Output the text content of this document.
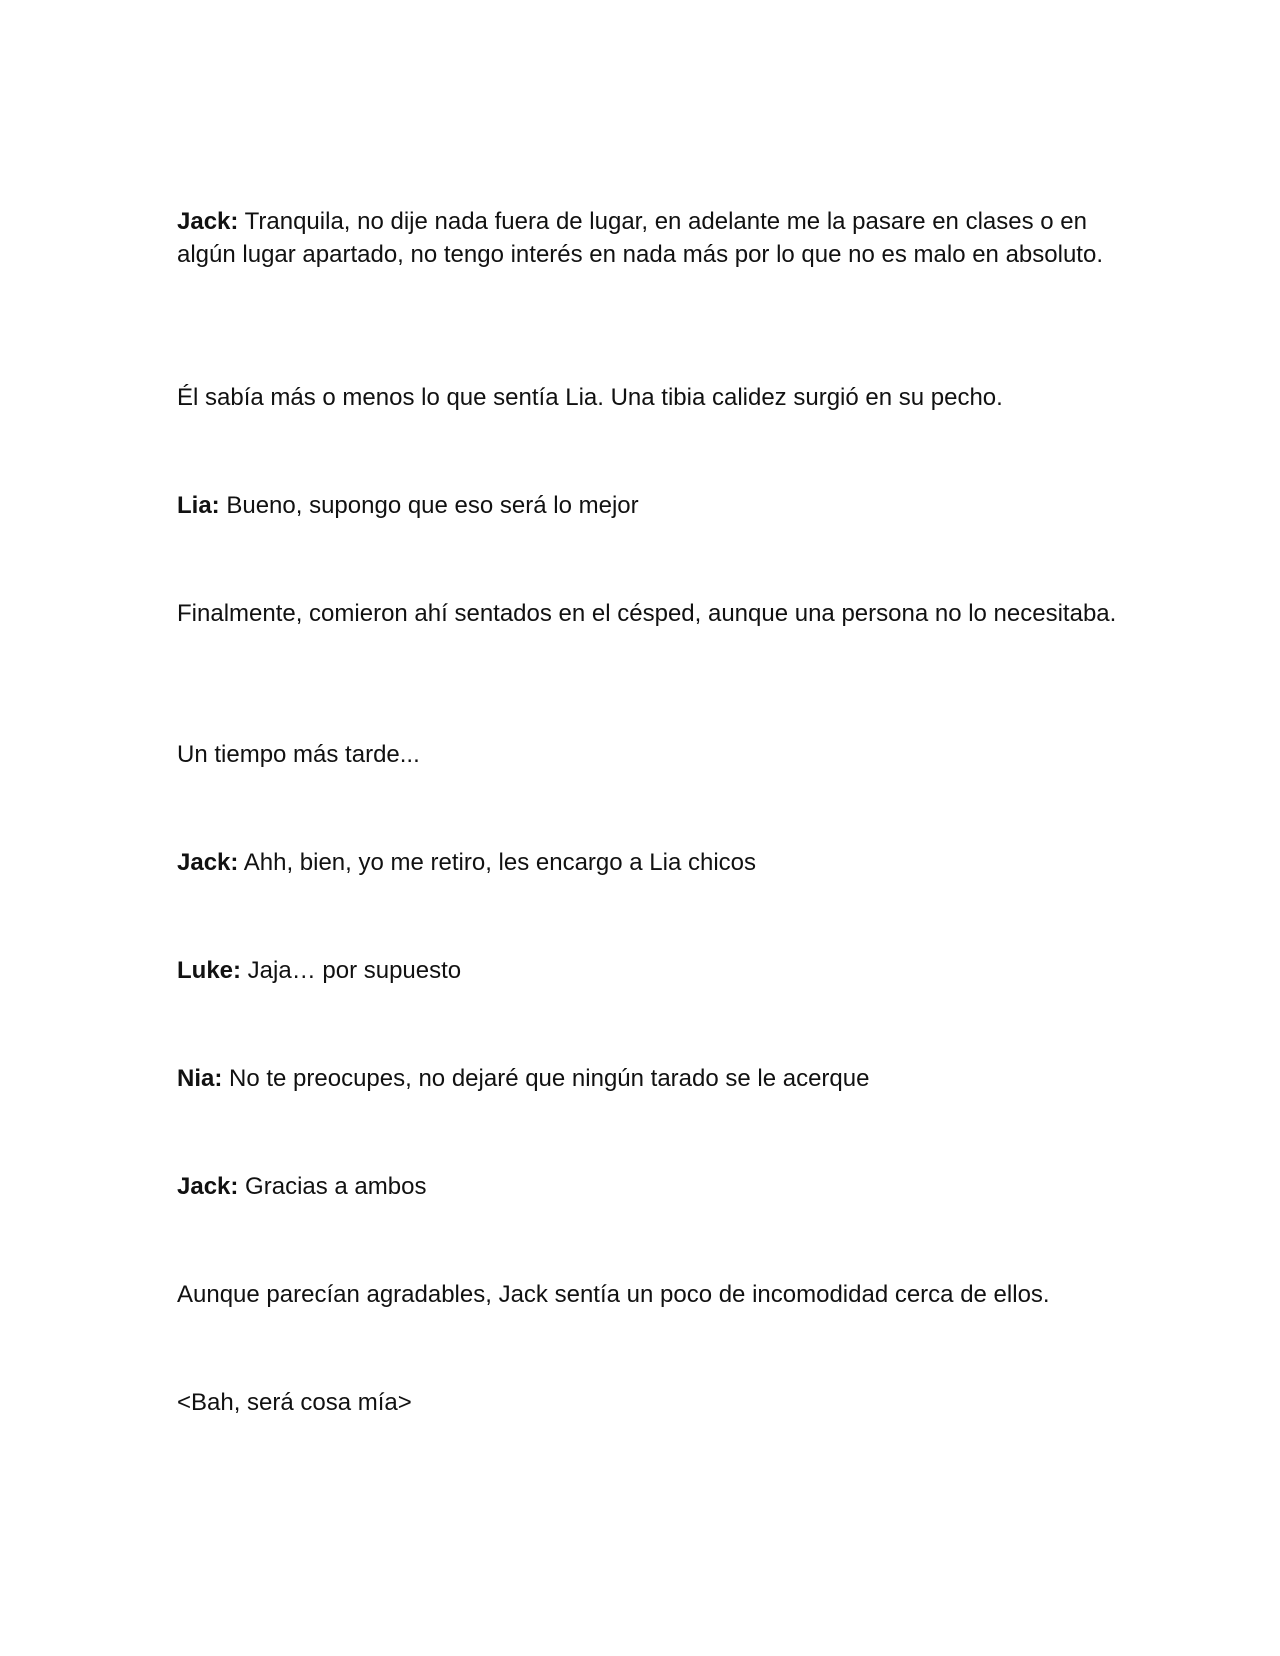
Jack: Tranquila, no dije nada fuera de lugar, en adelante me la pasare en clases o en algún lugar apartado, no tengo interés en nada más por lo que no es malo en absoluto.

Él sabía más o menos lo que sentía Lia. Una tibia calidez surgió en su pecho.

Lia: Bueno, supongo que eso será lo mejor

Finalmente, comieron ahí sentados en el césped, aunque una persona no lo necesitaba.

Un tiempo más tarde...

Jack: Ahh, bien, yo me retiro, les encargo a Lia chicos

Luke: Jaja… por supuesto

Nia: No te preocupes, no dejaré que ningún tarado se le acerque

Jack: Gracias a ambos

Aunque parecían agradables, Jack sentía un poco de incomodidad cerca de ellos.

<Bah, será cosa mía>
